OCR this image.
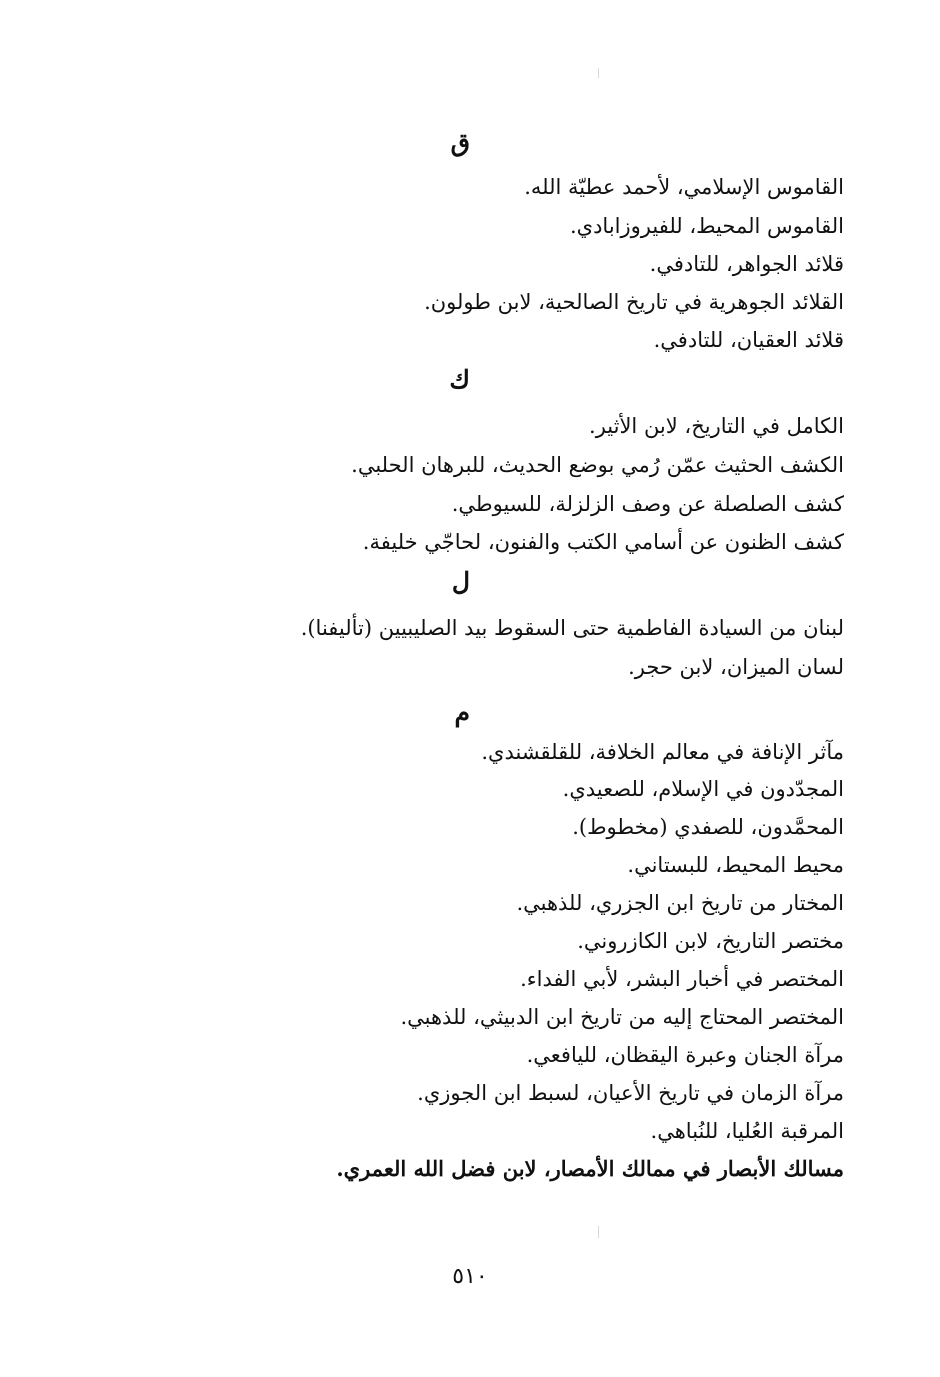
ق
القاموس الإسلامي، لأحمد عطيّة الله.
القاموس المحيط، للفيروزابادي.
قلائد الجواهر، للتادفي.
القلائد الجوهرية في تاريخ الصالحية، لابن طولون.
قلائد العقيان، للتادفي.
ك
الكامل في التاريخ، لابن الأثير.
الكشف الحثيث عمّن رُمي بوضع الحديث، للبرهان الحلبي.
كشف الصلصلة عن وصف الزلزلة، للسيوطي.
كشف الظنون عن أسامي الكتب والفنون، لحاجّي خليفة.
ل
لبنان من السيادة الفاطمية حتى السقوط بيد الصليبيين (تأليفنا).
لسان الميزان، لابن حجر.
م
مآثر الإنافة في معالم الخلافة، للقلقشندي.
المجدّدون في الإسلام، للصعيدي.
المحمَّدون، للصفدي (مخطوط).
محيط المحيط، للبستاني.
المختار من تاريخ ابن الجزري، للذهبي.
مختصر التاريخ، لابن الكازروني.
المختصر في أخبار البشر، لأبي الفداء.
المختصر المحتاج إليه من تاريخ ابن الدبيثي، للذهبي.
مرآة الجنان وعبرة اليقظان، لليافعي.
مرآة الزمان في تاريخ الأعيان، لسبط ابن الجوزي.
المرقبة العُليا، للنُباهي.
مسالك الأبصار في ممالك الأمصار، لابن فضل الله العمري.
٥١٠
